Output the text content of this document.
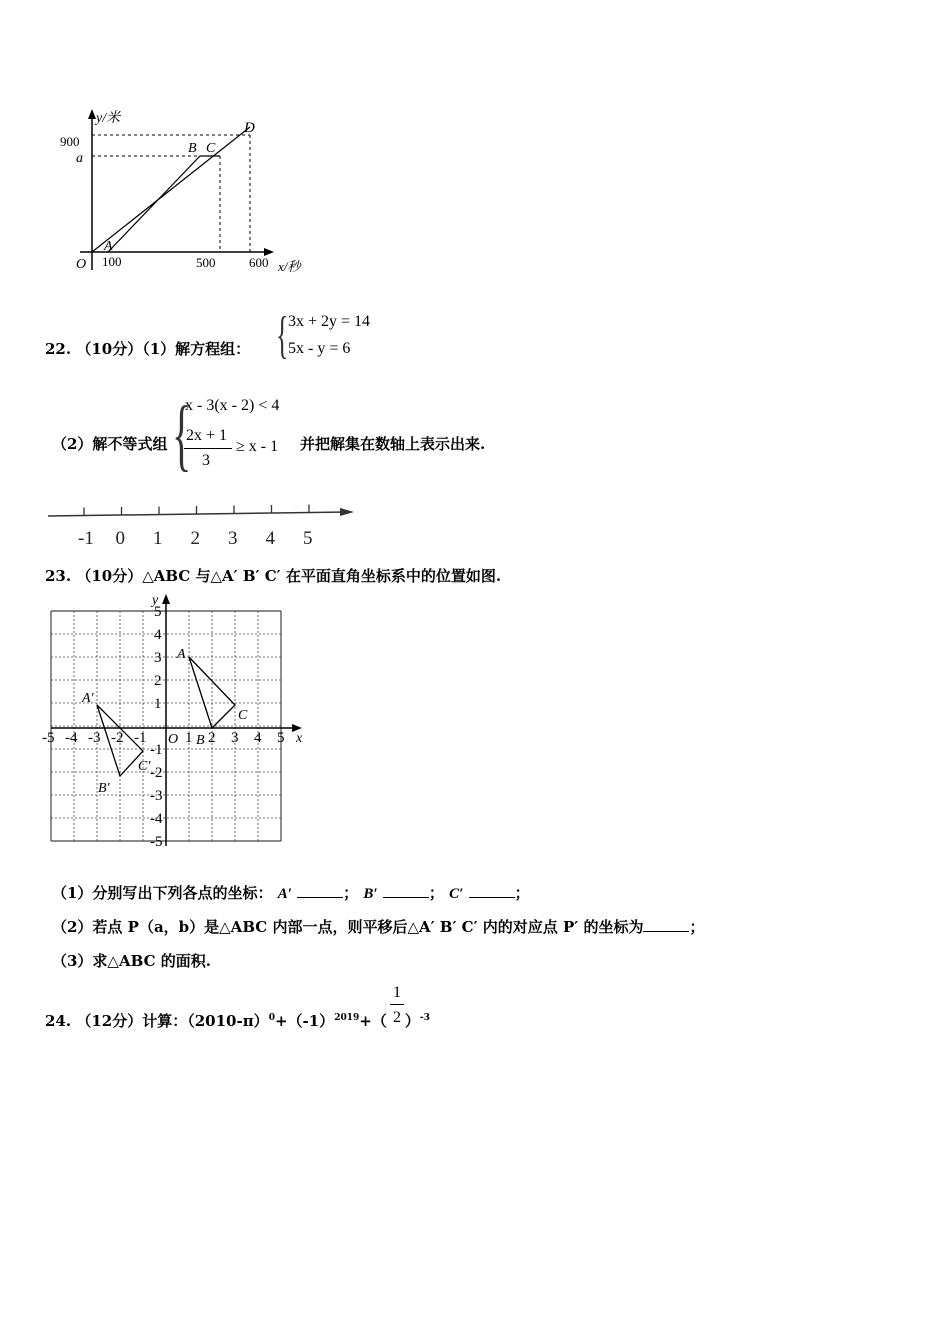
y/米
x/秒
900
a
100	500	600
O
A
B C
D
22. （10分）（1）解方程组： { 3x + 2y = 14
5x - y = 6
（2）解不等式组 {
x - 3(x - 2) < 4
2x + 1
3
≥ x - 1 并把解集在数轴上表示出来.
-1 0 1 2 3 4 5
23. （10分）△ABC 与△A′ B′ C′ 在平面直角坐标系中的位置如图.
x
y
O
A
B
C
A′
B′
C′
-5 -4 -3 -2 -1	1 2 3 4 5
5
4
3
2
1
-1
-2
-3
-4
-5
（1）分别写出下列各点的坐标： A′	； B′	； C′	；
（2）若点 P（a，b）是△ABC 内部一点，则平移后△A′ B′ C′ 内的对应点 P′ 的坐标为	；
（3）求△ABC 的面积.
24. （12分）计算：$(2010-\pi)^0+(-1)^{2019}+$（ ）$^{-3}$
1
2
